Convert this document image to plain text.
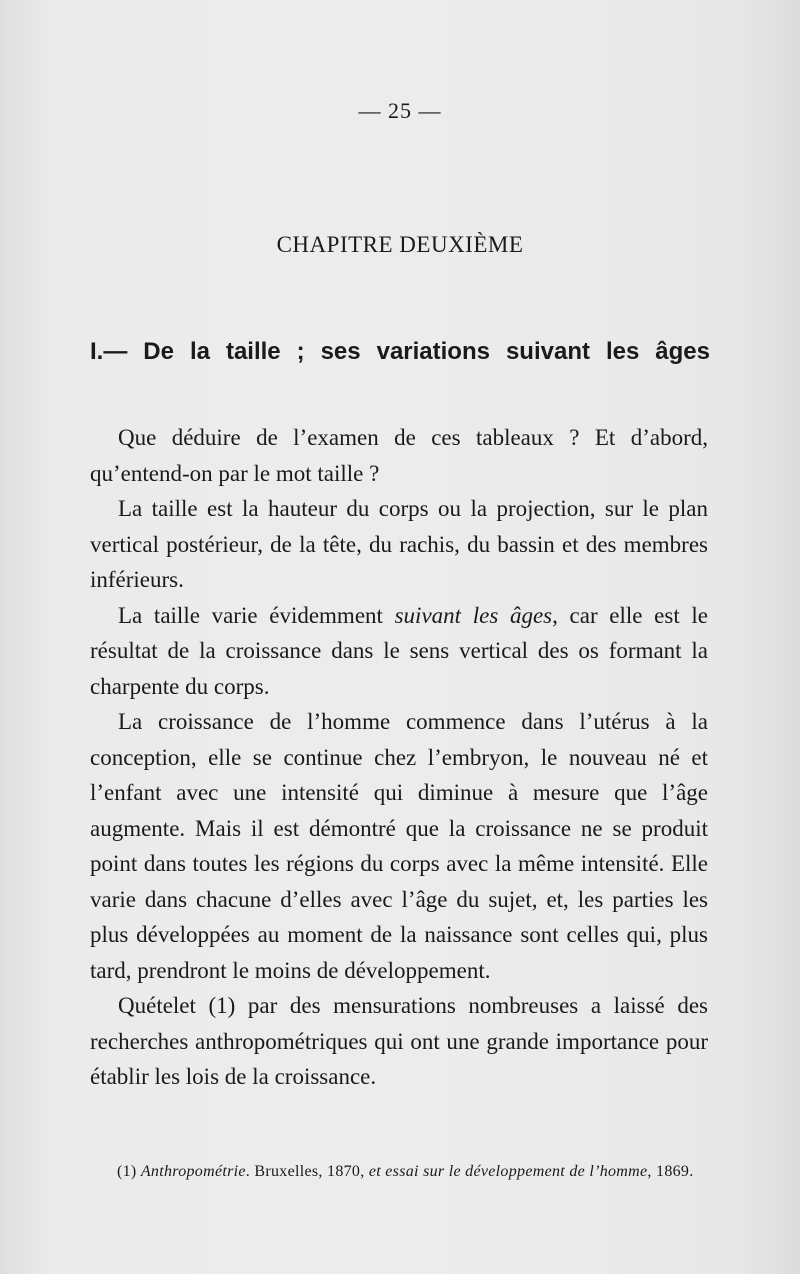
— 25 —
CHAPITRE DEUXIÈME
I.— De la taille ; ses variations suivant les âges

Que déduire de l’examen de ces tableaux ? Et d’abord, qu’entend-on par le mot taille ?

La taille est la hauteur du corps ou la projection, sur le plan vertical postérieur, de la tête, du rachis, du bassin et des membres inférieurs.

La taille varie évidemment suivant les âges, car elle est le résultat de la croissance dans le sens vertical des os formant la charpente du corps.

La croissance de l’homme commence dans l’utérus à la conception, elle se continue chez l’embryon, le nouveau né et l’enfant avec une intensité qui diminue à mesure que l’âge augmente. Mais il est démontré que la croissance ne se produit point dans toutes les régions du corps avec la même intensité. Elle varie dans chacune d’elles avec l’âge du sujet, et, les parties les plus développées au moment de la naissance sont celles qui, plus tard, prendront le moins de développement.

Quételet (1) par des mensurations nombreuses a laissé des recherches anthropométriques qui ont une grande importance pour établir les lois de la croissance.

(1) Anthropométrie. Bruxelles, 1870, et essai sur le développement de l’homme, 1869.
